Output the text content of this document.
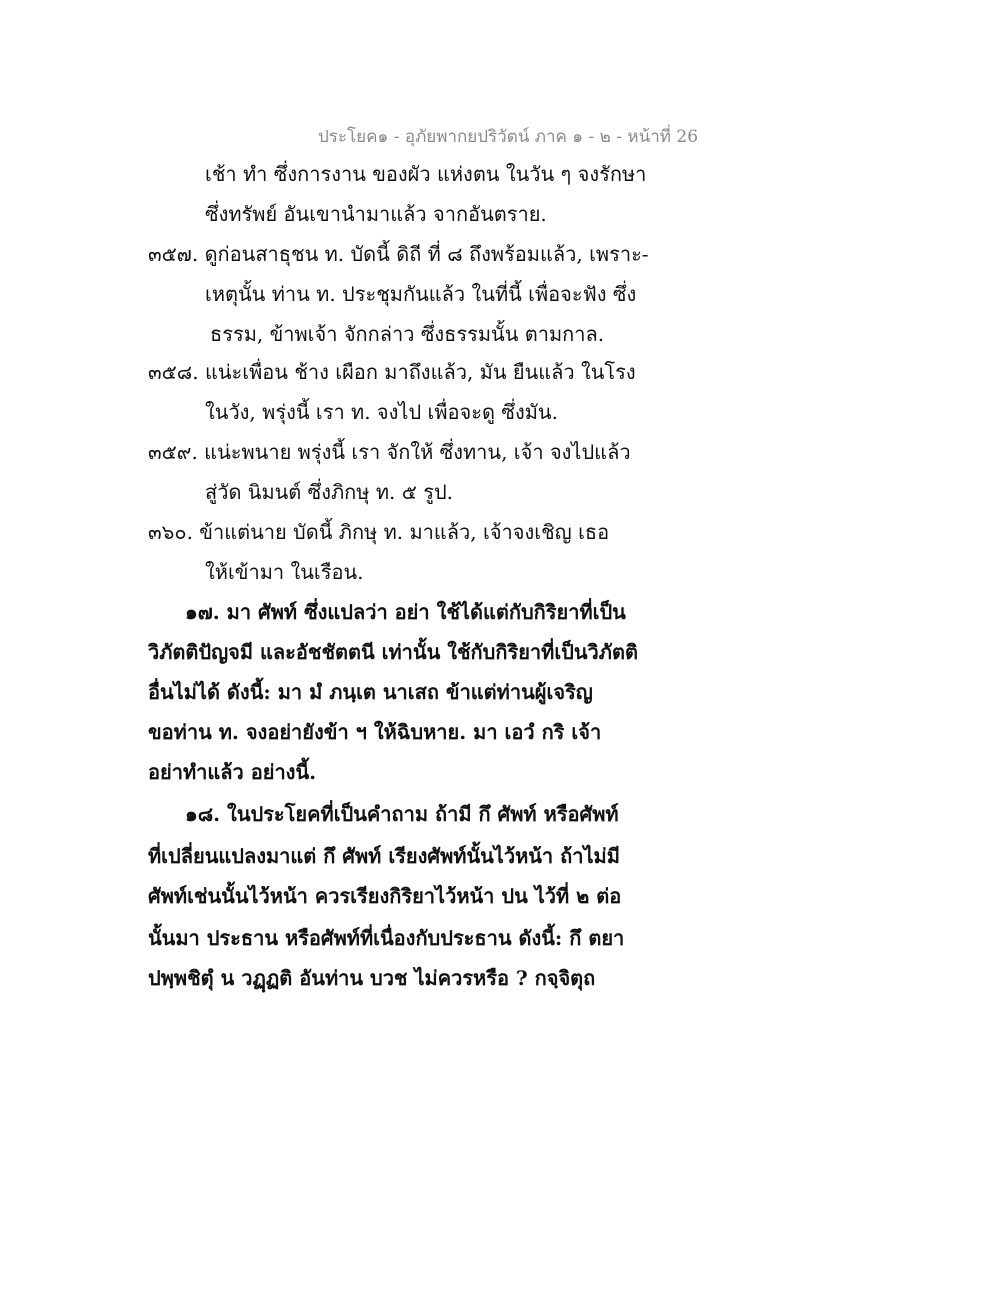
ประโยค๑ - อุภัยพากยปริวัตน์ ภาค ๑ - ๒ - หน้าที่ 26
เช้า ทำ ซึ่งการงาน ของผัว แห่งตน ในวัน ๆ จงรักษา
ซึ่งทรัพย์ อันเขานำมาแล้ว จากอันตราย.
๓๕๗. ดูก่อนสาธุชน ท. บัดนี้ ดิถี ที่ ๘ ถึงพร้อมแล้ว, เพราะ-
เหตุนั้น ท่าน ท. ประชุมกันแล้ว ในที่นี้ เพื่อจะฟัง ซึ่ง
ธรรม, ข้าพเจ้า จักกล่าว ซึ่งธรรมนั้น ตามกาล.
๓๕๘. แน่ะเพื่อน ช้าง เผือก มาถึงแล้ว, มัน ยืนแล้ว ในโรง
ในวัง, พรุ่งนี้ เรา ท. จงไป เพื่อจะดู ซึ่งมัน.
๓๕๙. แน่ะพนาย พรุ่งนี้ เรา จักให้ ซึ่งทาน, เจ้า จงไปแล้ว
สู่วัด นิมนต์ ซึ่งภิกษุ ท. ๕ รูป.
๓๖๐. ข้าแต่นาย บัดนี้ ภิกษุ ท. มาแล้ว, เจ้าจงเชิญ เธอ
ให้เข้ามา ในเรือน.
๑๗. มา ศัพท์ ซึ่งแปลว่า อย่า ใช้ได้แต่กับกิริยาที่เป็น
วิภัตติปัญจมี และอัชชัตตนี เท่านั้น ใช้กับกิริยาที่เป็นวิภัตติ
อื่นไม่ได้ ดังนี้: มา มํ ภนฺเต นาเสถ ข้าแต่ท่านผู้เจริญ
ขอท่าน ท. จงอย่ายังข้า ฯ ให้ฉิบหาย. มา เอวํ กริ เจ้า
อย่าทำแล้ว อย่างนี้.
๑๘. ในประโยคที่เป็นคำถาม ถ้ามี กึ ศัพท์ หรือศัพท์
ที่เปลี่ยนแปลงมาแต่ กึ ศัพท์ เรียงศัพท์นั้นไว้หน้า ถ้าไม่มี
ศัพท์เช่นนั้นไว้หน้า ควรเรียงกิริยาไว้หน้า ปน ไว้ที่ ๒ ต่อ
นั้นมา ประธาน หรือศัพท์ที่เนื่องกับประธาน ดังนี้: กึ ตยา
ปพฺพชิตุํ น วฏฺฏติ อันท่าน บวช ไม่ควรหรือ ? กจฺจิตุถ
